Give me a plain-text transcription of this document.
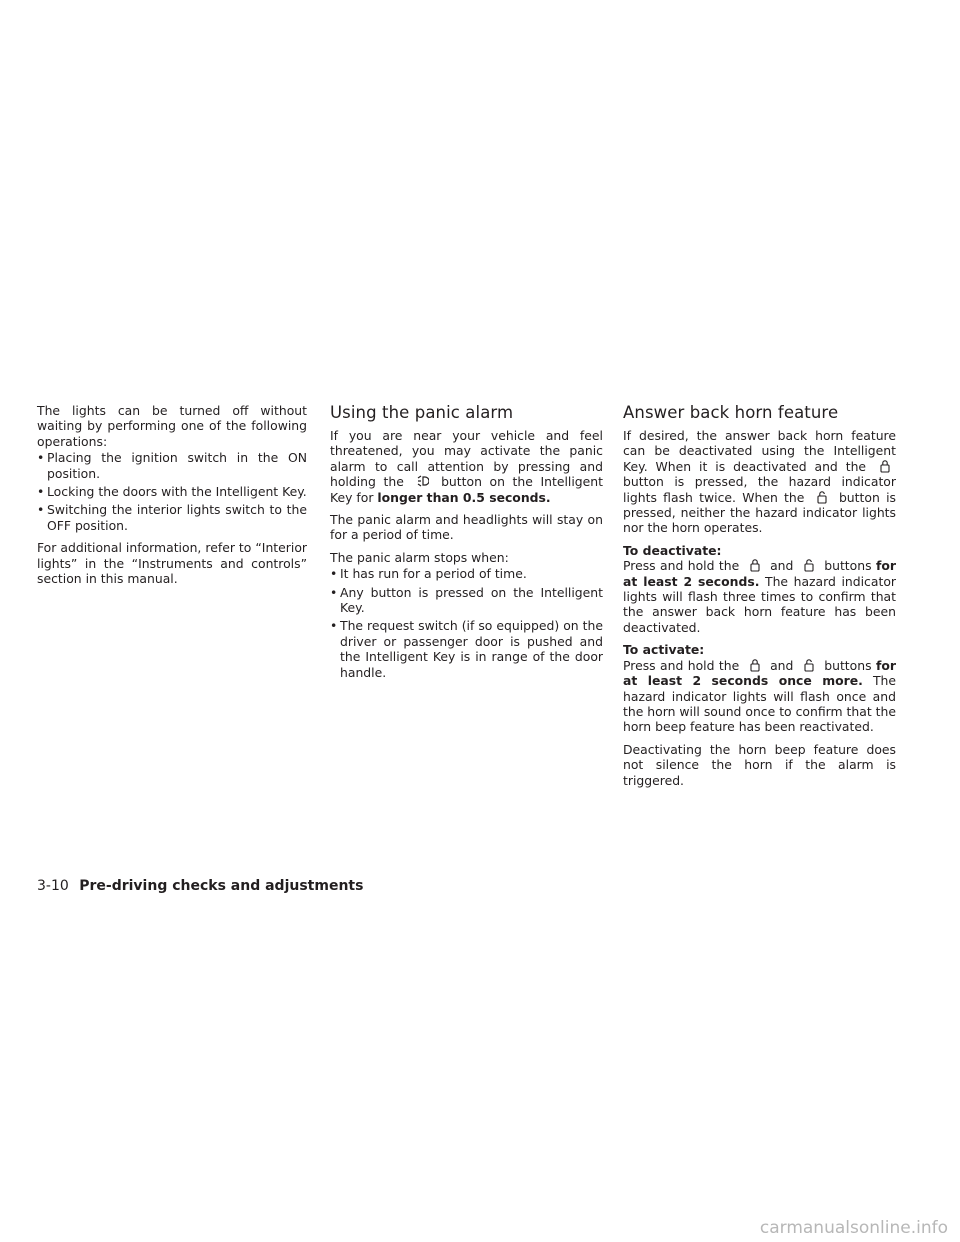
The lights can be turned off without waiting by performing one of the following operations:

• Placing the ignition switch in the ON position.
• Locking the doors with the Intelligent Key.
• Switching the interior lights switch to the OFF position.

For additional information, refer to “Interior lights” in the “Instruments and controls” section in this manual.

Using the panic alarm

If you are near your vehicle and feel threatened, you may activate the panic alarm to call attention by pressing and holding the	button on the Intelligent Key for longer than 0.5 seconds.

The panic alarm and headlights will stay on for a period of time.

The panic alarm stops when:

• It has run for a period of time.
• Any button is pressed on the Intelligent Key.
• The request switch (if so equipped) on the driver or passenger door is pushed and the Intelligent Key is in range of the door handle.
Answer back horn feature

If desired, the answer back horn feature can be deactivated using the Intelligent Key. When it is deactivated and the  button is pressed, the hazard indicator lights flash twice. When the	button is pressed, neither the hazard indicator lights nor the horn operates.

To deactivate:

Press and hold the and buttons for at least 2 seconds. The hazard indicator lights will flash three times to confirm that the answer back horn feature has been deactivated.

To activate:

Press and hold the and buttons for at least 2 seconds once more. The hazard indicator lights will flash once and the horn will sound once to confirm that the horn beep feature has been reactivated.

Deactivating the horn beep feature does not silence the horn if the alarm is triggered.

3-10 Pre-driving checks and adjustments
carmanualsonline.info
